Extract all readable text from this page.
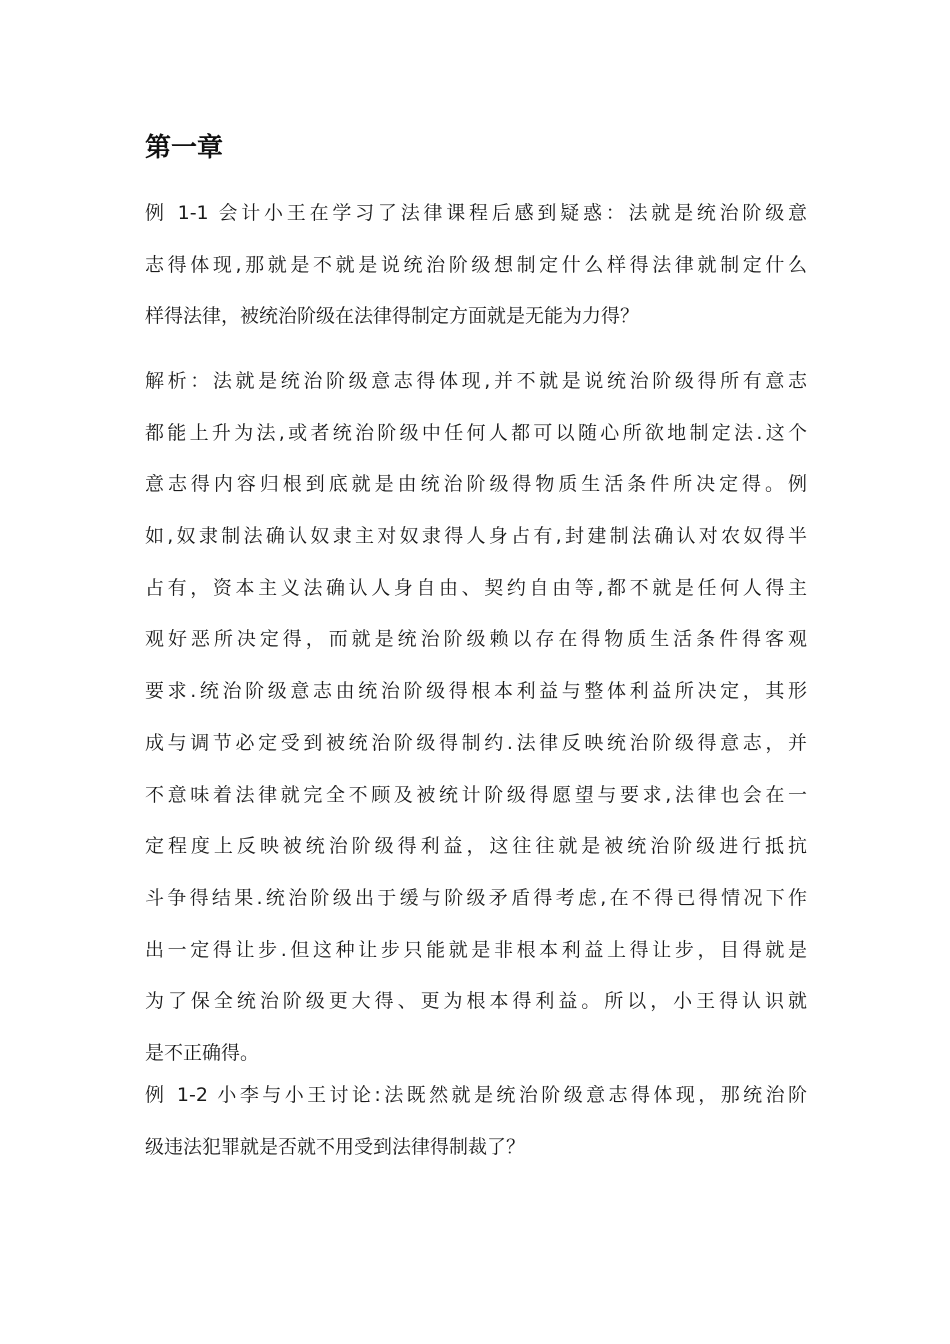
第一章
例 1-1 会计小王在学习了法律课程后感到疑惑：法就是统治阶级意
志得体现,那就是不就是说统治阶级想制定什么样得法律就制定什么
样得法律，被统治阶级在法律得制定方面就是无能为力得？
解析：法就是统治阶级意志得体现,并不就是说统治阶级得所有意志
都能上升为法,或者统治阶级中任何人都可以随心所欲地制定法.这个
意志得内容归根到底就是由统治阶级得物质生活条件所决定得。例
如,奴隶制法确认奴隶主对奴隶得人身占有,封建制法确认对农奴得半
占有，资本主义法确认人身自由、契约自由等,都不就是任何人得主
观好恶所决定得，而就是统治阶级赖以存在得物质生活条件得客观
要求.统治阶级意志由统治阶级得根本利益与整体利益所决定，其形
成与调节必定受到被统治阶级得制约.法律反映统治阶级得意志，并
不意味着法律就完全不顾及被统计阶级得愿望与要求,法律也会在一
定程度上反映被统治阶级得利益，这往往就是被统治阶级进行抵抗
斗争得结果.统治阶级出于缓与阶级矛盾得考虑,在不得已得情况下作
出一定得让步.但这种让步只能就是非根本利益上得让步，目得就是
为了保全统治阶级更大得、更为根本得利益。所以，小王得认识就
是不正确得。
例 1-2 小李与小王讨论:法既然就是统治阶级意志得体现，那统治阶
级违法犯罪就是否就不用受到法律得制裁了？
